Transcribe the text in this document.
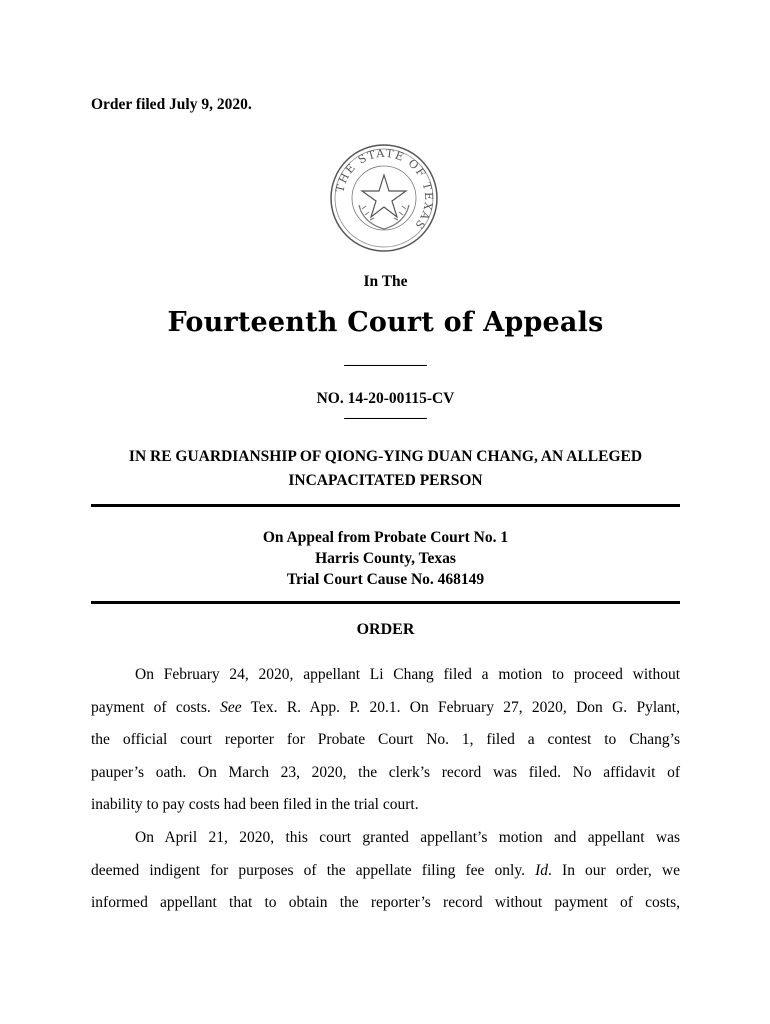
Order filed July 9, 2020.
THE STATE OF TEXAS
In The
Fourteenth Court of Appeals
___________
NO. 14-20-00115-CV
___________
IN RE GUARDIANSHIP OF QIONG-YING DUAN CHANG, AN ALLEGED
INCAPACITATED PERSON
On Appeal from Probate Court No. 1
Harris County, Texas
Trial Court Cause No. 468149
ORDER
On February 24, 2020, appellant Li Chang filed a motion to proceed without
payment of costs. See Tex. R. App. P. 20.1. On February 27, 2020, Don G. Pylant,
the official court reporter for Probate Court No. 1, filed a contest to Chang’s
pauper’s oath. On March 23, 2020, the clerk’s record was filed. No affidavit of
inability to pay costs had been filed in the trial court.
On April 21, 2020, this court granted appellant’s motion and appellant was
deemed indigent for purposes of the appellate filing fee only. Id. In our order, we
informed appellant that to obtain the reporter’s record without payment of costs,
